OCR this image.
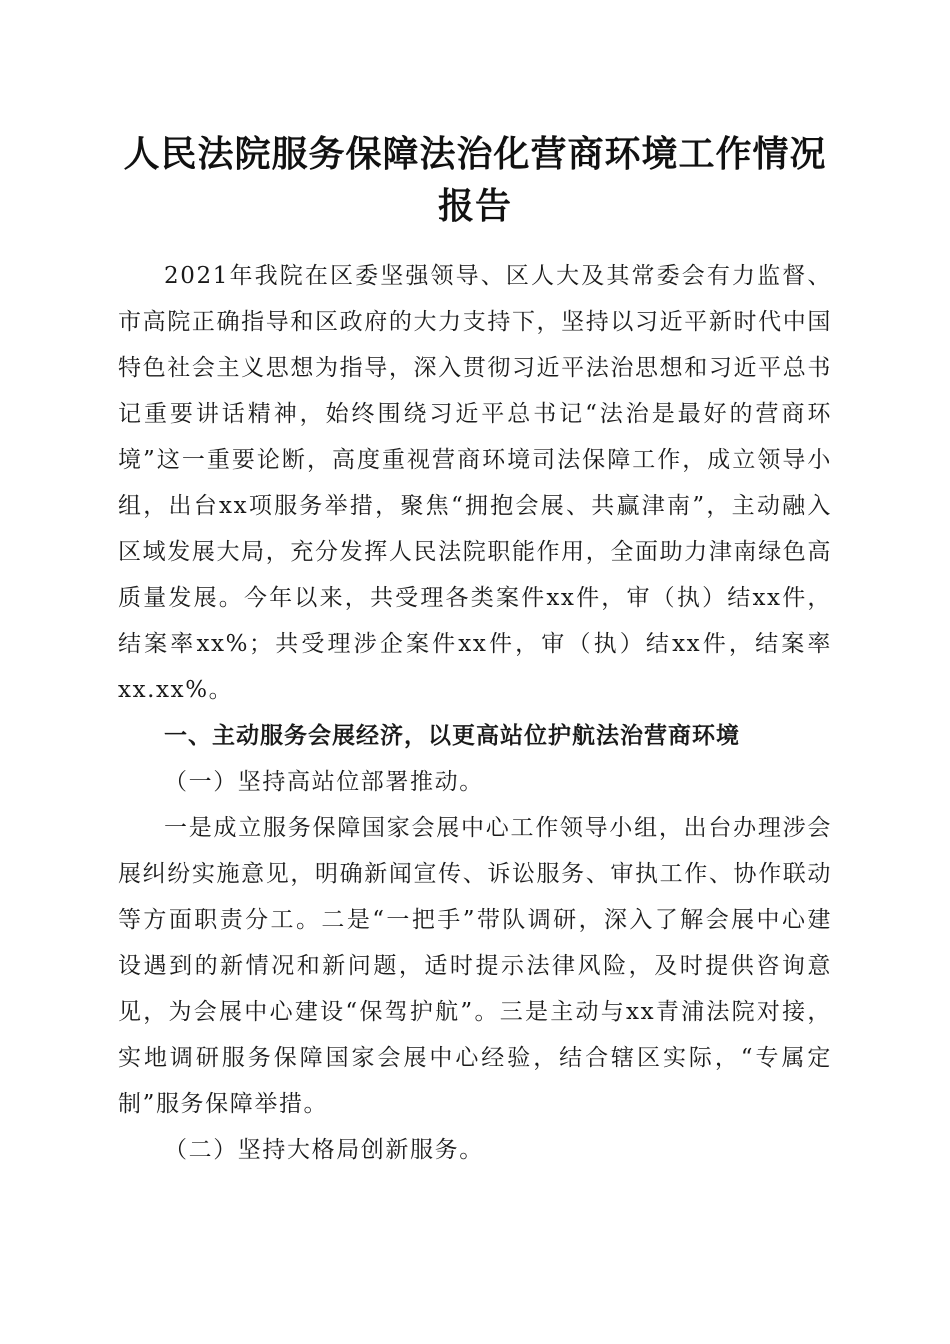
人民法院服务保障法治化营商环境工作情况报告

2021年我院在区委坚强领导、区人大及其常委会有力监督、市高院正确指导和区政府的大力支持下，坚持以习近平新时代中国特色社会主义思想为指导，深入贯彻习近平法治思想和习近平总书记重要讲话精神，始终围绕习近平总书记“法治是最好的营商环境”这一重要论断，高度重视营商环境司法保障工作，成立领导小组，出台xx项服务举措，聚焦“拥抱会展、共赢津南”，主动融入区域发展大局，充分发挥人民法院职能作用，全面助力津南绿色高质量发展。今年以来，共受理各类案件xx件，审（执）结xx件，结案率xx%；共受理涉企案件xx件，审（执）结xx件，结案率xx.xx%。

一、主动服务会展经济，以更高站位护航法治营商环境

（一）坚持高站位部署推动。

一是成立服务保障国家会展中心工作领导小组，出台办理涉会展纠纷实施意见，明确新闻宣传、诉讼服务、审执工作、协作联动等方面职责分工。二是“一把手”带队调研，深入了解会展中心建设遇到的新情况和新问题，适时提示法律风险，及时提供咨询意见，为会展中心建设“保驾护航”。三是主动与xx青浦法院对接，实地调研服务保障国家会展中心经验，结合辖区实际，“专属定制”服务保障举措。

（二）坚持大格局创新服务。
